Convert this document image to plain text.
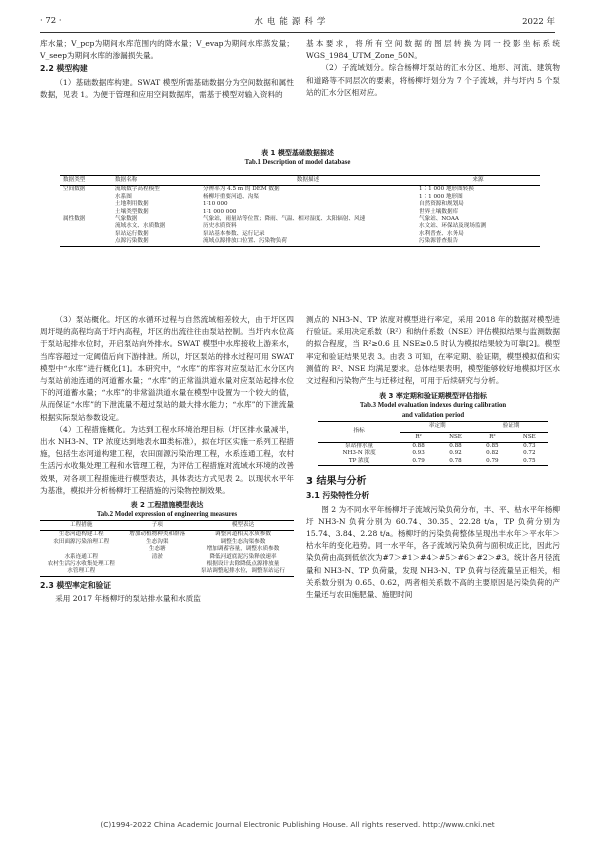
· 72 ·	水电能源科学	2022 年

库水量；V_pcp为期间水库范围内的降水量；V_evap为期间水库蒸发量；V_seep为期间水库的渗漏损失量。

2.2 模型构建

（1）基础数据库构建。SWAT 模型所需基础数据分为空间数据和属性数据，见表 1。为便于管理和应用空间数据库，需基于模型对输入资料的

基本要求，将所有空间数据的图层转换为同一投影坐标系统 WGS_1984_UTM_Zone_50N。

（2）子流域划分。综合杨柳圩泵站的汇水分区、地形、河流、建筑物和道路等不同层次的要素，将杨柳圩划分为 7 个子流域，并与圩内 5 个泵站的汇水分区相对应。

表 1 模型基础数据描述
Tab.1 Description of model database
数据类型	数据名称	数据描述	来源
空间数据	流域数字高程模型	分辨率为 4.5 m 的 DEM 数据	1∶1 000 地形图转换
	水系图	杨柳圩重要河道、沟渠	1∶1 000 地形图
	土地利用数据	1∶10 000	自然资源和规划局
	土壤类型数据	1∶1 000 000	世界土壤数据库
属性数据	气象数据	气象站，雨量站等位置；降雨、气温、相对湿度、太阳辐射、风速	气象站、NOAA
	流域水文、水质数据	历史水质资料	水文站、环保站及现场监测
	泵站运行数据	泵站基本参数、运行记录	水利普查、水务局
	点源污染数据	流域点源排放口位置、污染物负荷	污染源普查报告

（3）泵站概化。圩区的水循环过程与自然流域相差较大，由于圩区四周圩堤的高程均高于圩内高程，圩区的出流往往由泵站控制。当圩内水位高于泵站起排水位时，开启泵站向外排水。SWAT 模型中水库接收上游来水，当库容超过一定阈值后向下游排泄。所以，圩区泵站的排水过程可用 SWAT 模型中“水库”进行概化[1]。本研究中，“水库”的库容对应泵站汇水分区内与泵站前池连通的河道蓄水量；“水库”的正常溢洪道水量对应泵站起排水位下的河道蓄水量；“水库”的非常溢洪道水量在模型中设置为一个较大的值，从而保证“水库”的下泄流量不超过泵站的最大排水能力；“水库”的下泄流量根据实际泵站参数设定。

（4）工程措施概化。为达到工程水环境治理目标（圩区排水量减半，出水 NH3-N、TP 浓度达到地表水Ⅲ类标准），拟在圩区实施一系列工程措施，包括生态河道构建工程，农田面源污染治理工程，水系连通工程，农村生活污水收集处理工程和水管理工程，为评估工程措施对流域水环境的改善效果，对各项工程措施进行模型表达，具体表达方式见表 2。以现状水平年为基准，模拟并分析杨柳圩工程措施的污染物控制效果。

表 2 工程措施模型表达
Tab.2 Model expression of engineering measures
工程措施	子项	模型表达
生态河道构建工程	增加动植物种类和群落	调整河道相关水质参数
农田面源污染治理工程	生态沟渠	调整生态沟渠参数
	生态塘	增加调蓄容量，调整水质参数
水系连通工程	清淤	降低河道底泥污染释放速率
农村生活污水收集处理工程		根据设计去除降低点源排放量
水管理工程		泵站调整起排水位，调整泵站运行
2.3 模型率定和验证

采用 2017 年杨柳圩的泵站排水量和水质监

测点的 NH3-N、TP 浓度对模型进行率定，采用 2018 年的数据对模型进行验证。采用决定系数（R²）和纳什系数（NSE）评估模拟结果与监测数据的拟合程度，当 R²≥0.6 且 NSE≥0.5 时认为模拟结果较为可靠[2]。模型率定和验证结果见表 3。由表 3 可知，在率定期、验证期，模型模拟值和实测值的 R²、NSE 均满足要求。总体结果表明，模型能够较好地模拟圩区水文过程和污染物产生与迁移过程，可用于后续研究与分析。

表 3 率定期和验证期模型评估指标
Tab.3 Model evaluation indexes during calibration
and validation period
指标	率定期		验证期	
	R²	NSE	R²	NSE
泵站排水量	0.88	0.88	0.85	0.73
NH3-N 浓度	0.93	0.92	0.82	0.72
TP 浓度	0.79	0.78	0.79	0.75
3 结果与分析
3.1 污染特性分析

图 2 为不同水平年杨柳圩子流域污染负荷分布，丰、平、枯水平年杨柳圩 NH3-N 负荷分别为 60.74、30.35、22.28 t/a，TP 负荷分别为 15.74、3.84、2.28 t/a。杨柳圩的污染负荷整体呈现出丰水年＞平水年＞枯水年的变化趋势。同一水平年，各子流域污染负荷与面积成正比，因此污染负荷由高到低依次为#7＞#1＞#4＞#5＞#6＞#2＞#3。统计各月径流量和 NH3-N、TP 负荷量，发现 NH3-N、TP 负荷与径流量呈正相关，相关系数分别为 0.65、0.62，两者相关系数不高的主要原因是污染负荷的产生量还与农田施肥量、施肥时间

(C)1994-2022 China Academic Journal Electronic Publishing House. All rights reserved. http://www.cnki.net
